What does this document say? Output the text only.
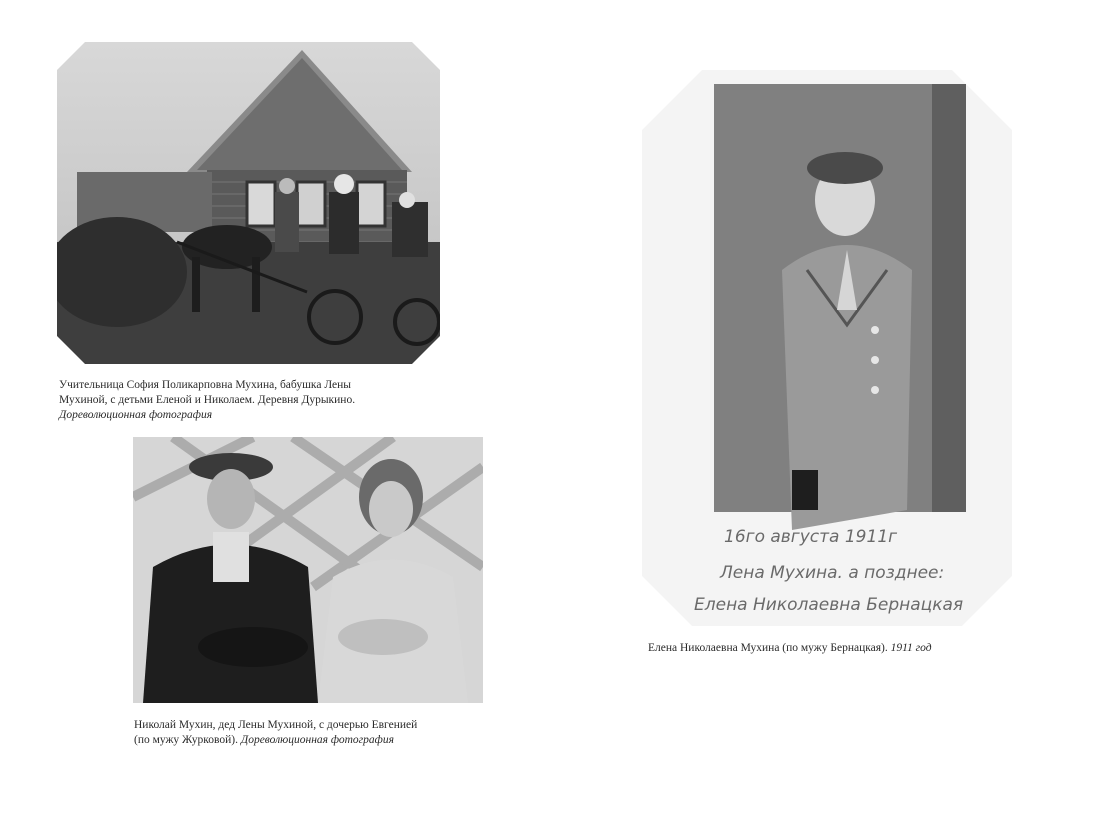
Учительница София Поликарповна Мухина, бабушка Лены
Мухиной, с детьми Еленой и Николаем. Деревня Дурыкино.
Дореволюционная фотография
Николай Мухин, дед Лены Мухиной, с дочерью Евгенией
(по мужу Журковой). Дореволюционная фотография
16го августа 1911г
Лена Мухина. а позднее:
Елена Николаевна Бернацкая
Елена Николаевна Мухина (по мужу Бернацкая). 1911 год
